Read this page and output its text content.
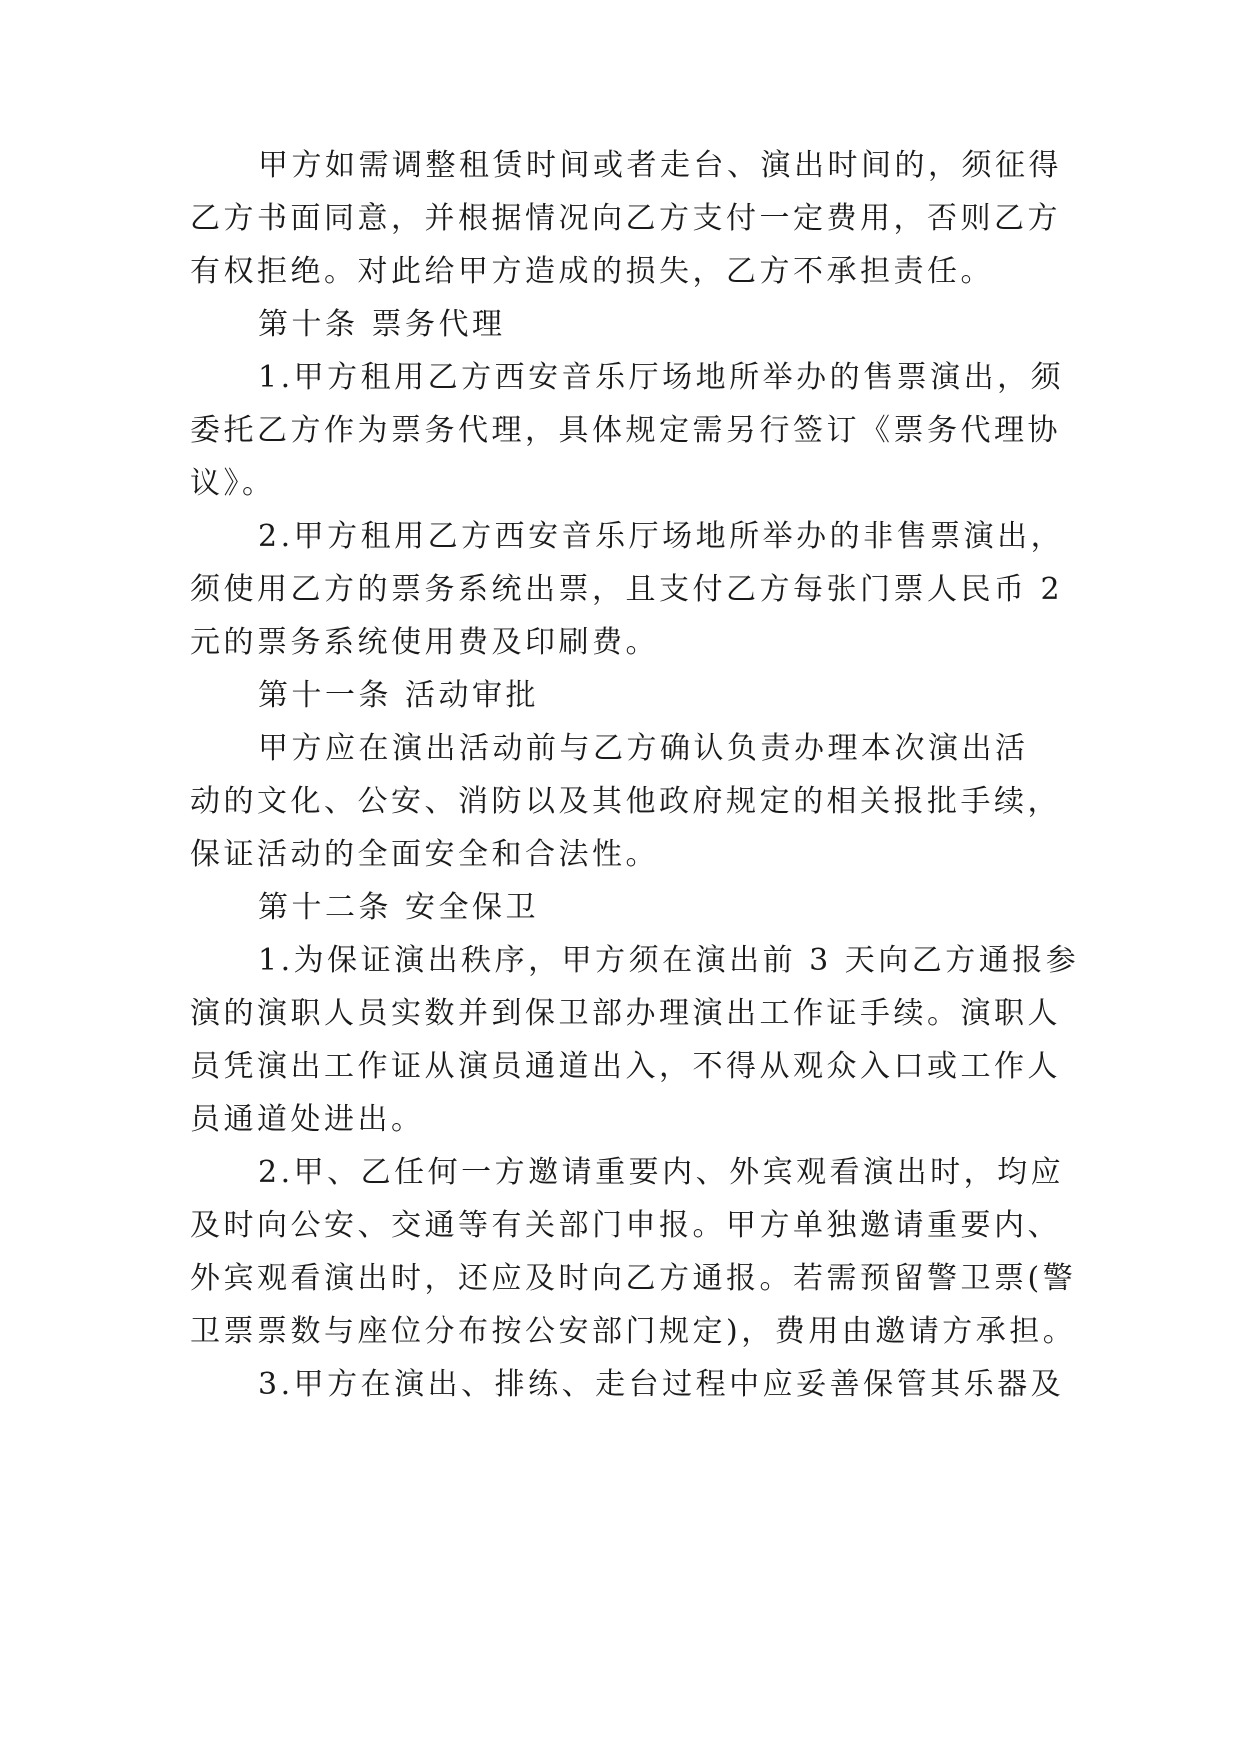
甲方如需调整租赁时间或者走台、演出时间的，须征得
乙方书面同意，并根据情况向乙方支付一定费用，否则乙方
有权拒绝。对此给甲方造成的损失，乙方不承担责任。
第十条 票务代理
1.甲方租用乙方西安音乐厅场地所举办的售票演出，须
委托乙方作为票务代理，具体规定需另行签订《票务代理协
议》。
2.甲方租用乙方西安音乐厅场地所举办的非售票演出，
须使用乙方的票务系统出票，且支付乙方每张门票人民币 2
元的票务系统使用费及印刷费。
第十一条 活动审批
甲方应在演出活动前与乙方确认负责办理本次演出活
动的文化、公安、消防以及其他政府规定的相关报批手续，
保证活动的全面安全和合法性。
第十二条 安全保卫
1.为保证演出秩序，甲方须在演出前 3 天向乙方通报参
演的演职人员实数并到保卫部办理演出工作证手续。演职人
员凭演出工作证从演员通道出入，不得从观众入口或工作人
员通道处进出。
2.甲、乙任何一方邀请重要内、外宾观看演出时，均应
及时向公安、交通等有关部门申报。甲方单独邀请重要内、
外宾观看演出时，还应及时向乙方通报。若需预留警卫票(警
卫票票数与座位分布按公安部门规定)，费用由邀请方承担。
3.甲方在演出、排练、走台过程中应妥善保管其乐器及
